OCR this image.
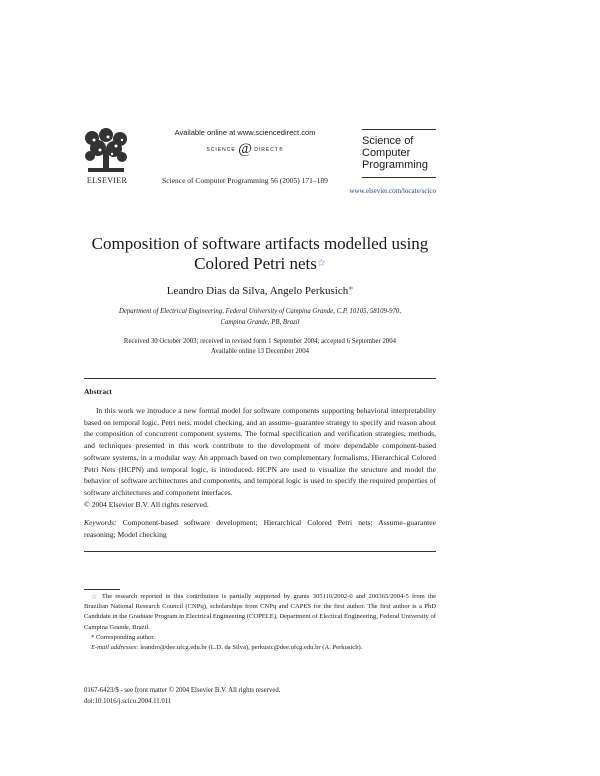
ELSEVIER
Available online at www.sciencedirect.com
SCIENCE @ DIRECT®
Science of Computer Programming 56 (2005) 171–189
Science of
Computer
Programming
www.elsevier.com/locate/scico
Composition of software artifacts modelled using
Colored Petri nets☆
Leandro Dias da Silva, Angelo Perkusich*
Department of Electrical Engineering, Federal University of Campina Grande, C.P. 10105, 58109-970,
Campina Grande, PB, Brazil
Received 30 October 2003; received in revised form 1 September 2004; accepted 6 September 2004
Available online 13 December 2004
Abstract

In this work we introduce a new formal model for software components supporting behavioral interpretability based on temporal logic, Petri nets, model checking, and an assume–guarantee strategy to specify and reason about the composition of concurrent component systems. The formal specification and verification strategies, methods, and techniques presented in this work contribute to the development of more dependable component-based software systems, in a modular way. An approach based on two complementary formalisms, Hierarchical Colored Petri Nets (HCPN) and temporal logic, is introduced. HCPN are used to visualize the structure and model the behavior of software architectures and components, and temporal logic is used to specify the required properties of software architectures and component interfaces.

© 2004 Elsevier B.V. All rights reserved.

Keywords: Component-based software development; Hierarchical Colored Petri nets; Assume–guarantee reasoning; Model checking

☆ The research reported in this contribution is partially supported by grants 305110/2002-0 and 200365/2004-5 from the Brazilian National Research Council (CNPq), scholarships from CNPq and CAPES for the first author. The first author is a PhD Candidate in the Graduate Program in Electrical Engineering (COPELE), Department of Electical Engineering, Federal University of Campina Grande, Brazil.

* Corresponding author.

E-mail addresses: leandro@dee.ufcg.edu.br (L.D. da Silva), perkusic@dee.ufcg.edu.br (A. Perkusich).

0167-6423/$ - see front matter © 2004 Elsevier B.V. All rights reserved.
doi:10.1016/j.scico.2004.11.011
